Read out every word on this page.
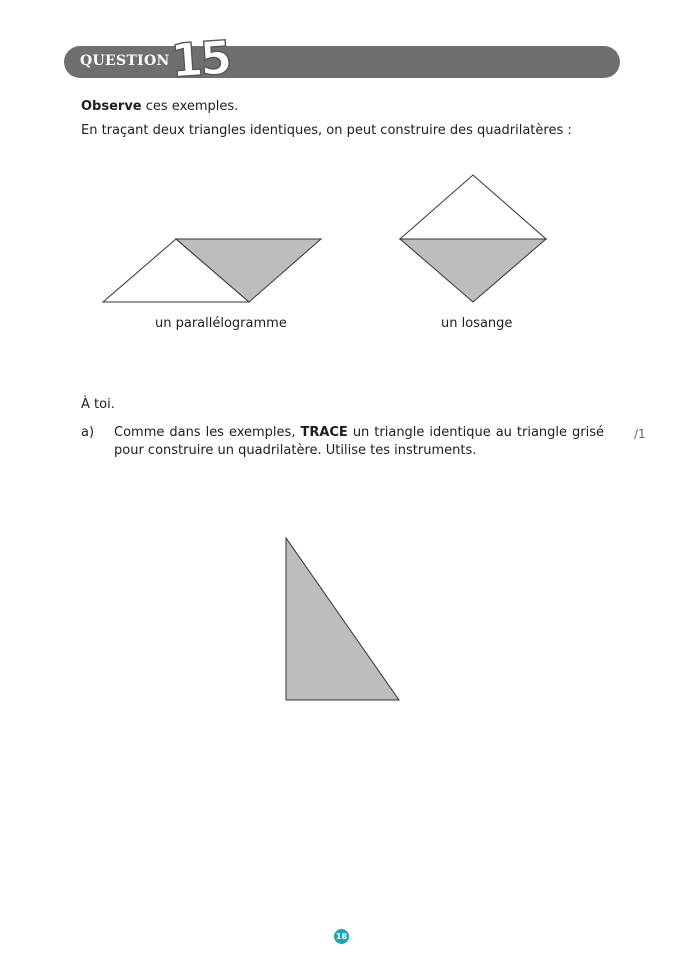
QUESTION 15
Observe ces exemples.
En traçant deux triangles identiques, on peut construire des quadrilatères :
un parallélogramme	un losange
À toi.
a) Comme dans les exemples, TRACE un triangle identique au triangle grisé pour construire un quadrilatère. Utilise tes instruments.
/1
18
